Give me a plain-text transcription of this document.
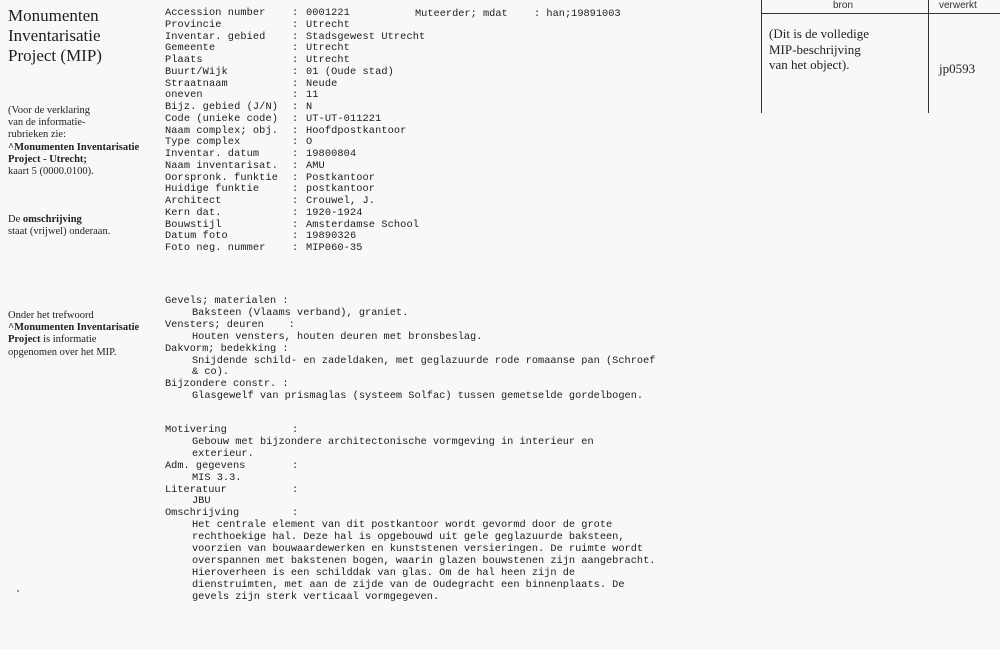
Monumenten
Inventarisatie
Project (MIP)
(Voor de verklaring
van de informatie-
rubrieken zie:
^Monumenten Inventarisatie
Project - Utrecht;
kaart 5 (0000.0100).
De omschrijving
staat (vrijwel) onderaan.
Onder het trefwoord
^Monumenten Inventarisatie
Project is informatie
opgenomen over het MIP.
Muteerder; mdat	: han;19891003
Accession number	: 0001221
Provincie	: Utrecht
Inventar. gebied	: Stadsgewest Utrecht
Gemeente	: Utrecht
Plaats	: Utrecht
Buurt/Wijk	: 01 (Oude stad)
Straatnaam	: Neude
oneven	: 11
Bijz. gebied (J/N) : N
Code (unieke code) : UT-UT-011221
Naam complex; obj. : Hoofdpostkantoor
Type complex	: O
Inventar. datum	: 19800804
Naam inventarisat. : AMU
Oorspronk. funktie : Postkantoor
Huidige funktie	: postkantoor
Architect	: Crouwel, J.
Kern dat.	: 1920-1924
Bouwstijl	: Amsterdamse School
Datum foto	: 19890326
Foto neg. nummer	: MIP060-35
Gevels; materialen :
Baksteen (Vlaams verband), graniet.
Vensters; deuren    :
Houten vensters, houten deuren met bronsbeslag.
Dakvorm; bedekking :
Snijdende schild- en zadeldaken, met geglazuurde rode romaanse pan (Schroef
& co).
Bijzondere constr. :
Glasgewelf van prismaglas (systeem Solfac) tussen gemetselde gordelbogen.
Motivering	:
Gebouw met bijzondere architectonische vormgeving in interieur en
exterieur.
Adm. gegevens	:
MIS 3.3.
Literatuur	:
JBU
Omschrijving	:
Het centrale element van dit postkantoor wordt gevormd door de grote
rechthoekige hal. Deze hal is opgebouwd uit gele geglazuurde baksteen,
voorzien van bouwaardewerken en kunststenen versieringen. De ruimte wordt
overspannen met bakstenen bogen, waarin glazen bouwstenen zijn aangebracht.
Hieroverheen is een schilddak van glas. Om de hal heen zijn de
dienstruimten, met aan de zijde van de Oudegracht een binnenplaats. De
gevels zijn sterk verticaal vormgegeven.
bron	verwerkt
(Dit is de volledige
MIP-beschrijving
van het object).	jp0593
